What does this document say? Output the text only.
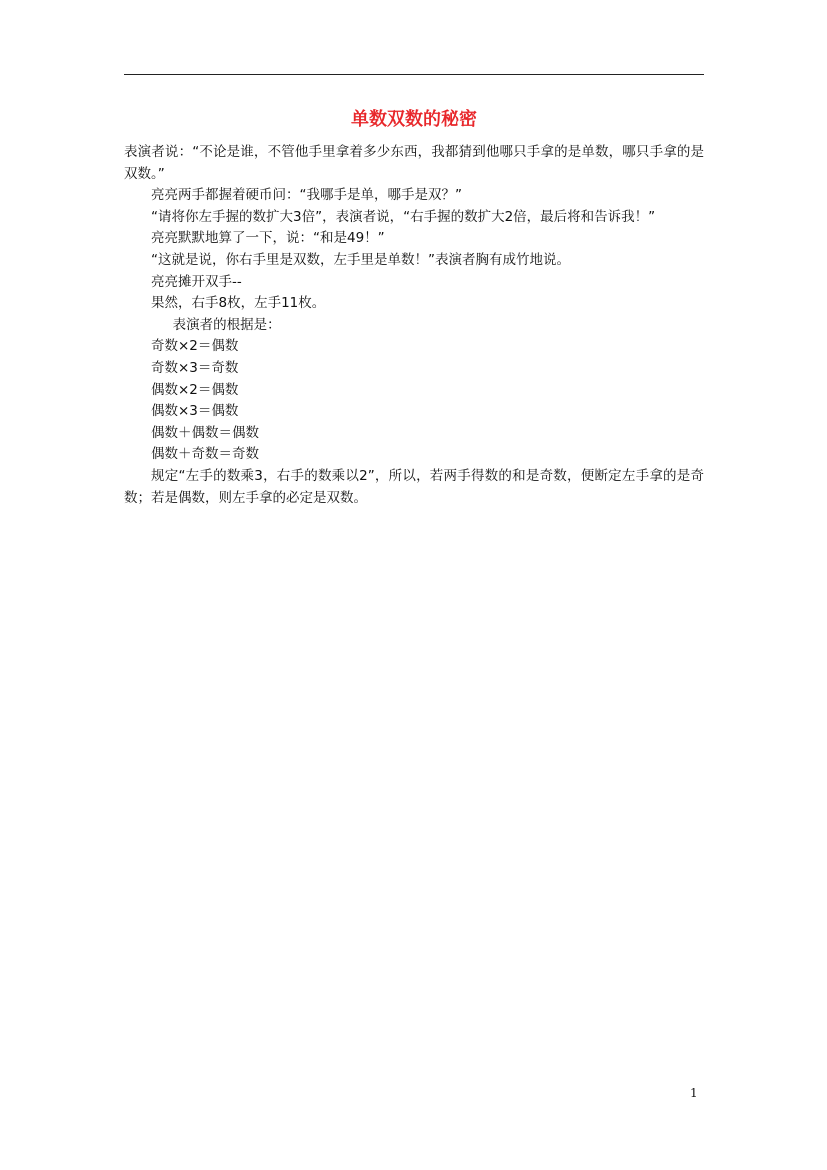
单数双数的秘密

表演者说：“不论是谁，不管他手里拿着多少东西，我都猜到他哪只手拿的是单数，哪只手拿的是双数。”

亮亮两手都握着硬币问：“我哪手是单，哪手是双？”

“请将你左手握的数扩大3倍”，表演者说，“右手握的数扩大2倍，最后将和告诉我！”

亮亮默默地算了一下，说：“和是49！”

“这就是说，你右手里是双数，左手里是单数！”表演者胸有成竹地说。

亮亮摊开双手--

果然，右手8枚，左手11枚。

表演者的根据是：

奇数×2＝偶数

奇数×3＝奇数

偶数×2＝偶数

偶数×3＝偶数

偶数＋偶数＝偶数

偶数＋奇数＝奇数

规定“左手的数乘3，右手的数乘以2”，所以，若两手得数的和是奇数，便断定左手拿的是奇数；若是偶数，则左手拿的必定是双数。

1
